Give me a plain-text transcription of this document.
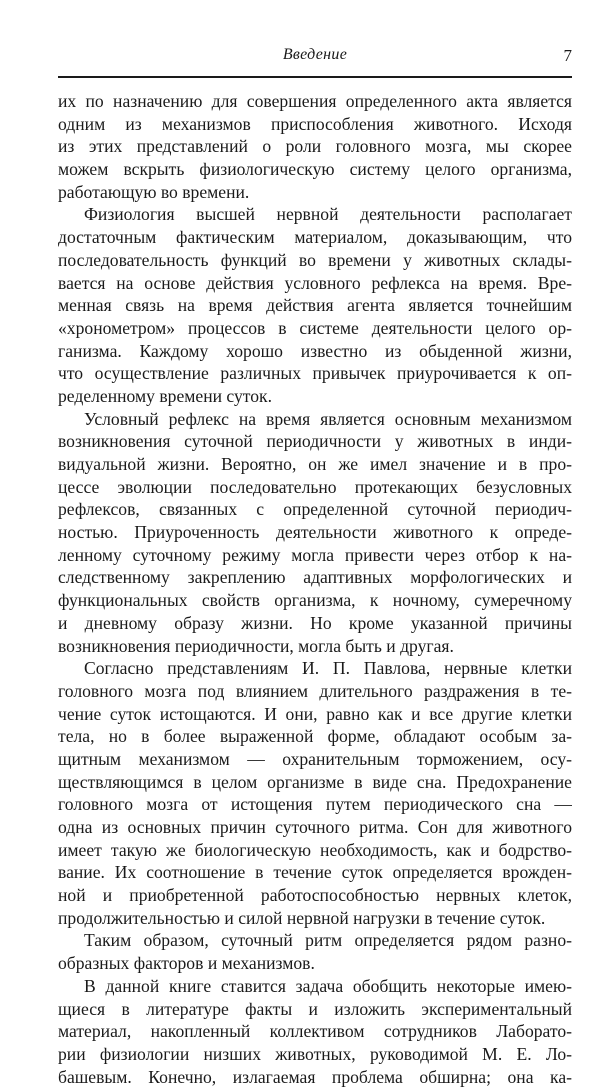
Введение	7
их по назначению для совершения определенного акта является
одним из механизмов приспособления животного. Исходя
из этих представлений о роли головного мозга, мы скорее
можем вскрыть физиологическую систему целого организма,
работающую во времени.
Физиология высшей нервной деятельности располагает
достаточным фактическим материалом, доказывающим, что
последовательность функций во времени у животных склады-
вается на основе действия условного рефлекса на время. Вре-
менная связь на время действия агента является точнейшим
«хронометром» процессов в системе деятельности целого ор-
ганизма. Каждому хорошо известно из обыденной жизни,
что осуществление различных привычек приурочивается к оп-
ределенному времени суток.
Условный рефлекс на время является основным механизмом
возникновения суточной периодичности у животных в инди-
видуальной жизни. Вероятно, он же имел значение и в про-
цессе эволюции последовательно протекающих безусловных
рефлексов, связанных с определенной суточной периодич-
ностью. Приуроченность деятельности животного к опреде-
ленному суточному режиму могла привести через отбор к на-
следственному закреплению адаптивных морфологических и
функциональных свойств организма, к ночному, сумеречному
и дневному образу жизни. Но кроме указанной причины
возникновения периодичности, могла быть и другая.
Согласно представлениям И. П. Павлова, нервные клетки
головного мозга под влиянием длительного раздражения в те-
чение суток истощаются. И они, равно как и все другие клетки
тела, но в более выраженной форме, обладают особым за-
щитным механизмом — охранительным торможением, осу-
ществляющимся в целом организме в виде сна. Предохранение
головного мозга от истощения путем периодического сна —
одна из основных причин суточного ритма. Сон для животного
имеет такую же биологическую необходимость, как и бодрство-
вание. Их соотношение в течение суток определяется врожден-
ной и приобретенной работоспособностью нервных клеток,
продолжительностью и силой нервной нагрузки в течение суток.
Таким образом, суточный ритм определяется рядом разно-
образных факторов и механизмов.
В данной книге ставится задача обобщить некоторые имею-
щиеся в литературе факты и изложить экспериментальный
материал, накопленный коллективом сотрудников Лаборато-
рии физиологии низших животных, руководимой М. Е. Ло-
башевым. Конечно, излагаемая проблема обширна; она ка-
